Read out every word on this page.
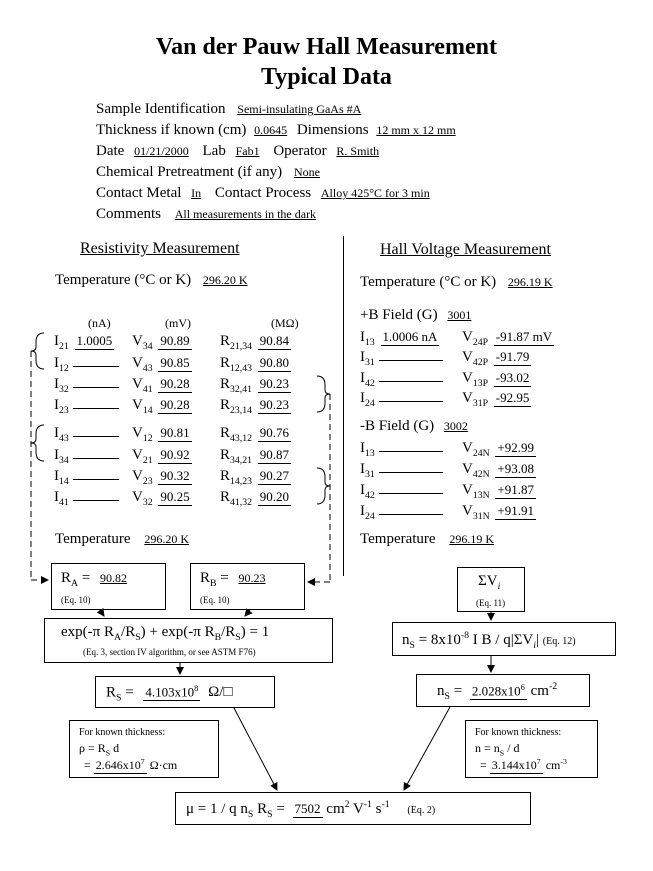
Van der Pauw Hall Measurement
Typical Data
Sample Identification Semi-insulating GaAs #A
Thickness if known (cm) 0.0645 Dimensions 12 mm x 12 mm
Date 01/21/2000 Lab Fab1 Operator R. Smith
Chemical Pretreatment (if any) None
Contact Metal In Contact Process Alloy 425°C for 3 min
Comments All measurements in the dark
Resistivity Measurement
Temperature (°C or K) 296.20 K
(nA)	(mV)	(MΩ)
$I_{21}$ 1.0005 $V_{34}$ 90.89 $R_{21,34}$ 90.84
$I_{12}$	$V_{43}$ 90.85 $R_{12,43}$ 90.80
$I_{32}$	$V_{41}$ 90.28 $R_{32,41}$ 90.23
$I_{23}$	$V_{14}$ 90.28 $R_{23,14}$ 90.23
$I_{43}$	$V_{12}$ 90.81 $R_{43,12}$ 90.76
$I_{34}$	$V_{21}$ 90.92 $R_{34,21}$ 90.87
$I_{14}$	$V_{23}$ 90.32 $R_{14,23}$ 90.27
$I_{41}$	$V_{32}$ 90.25 $R_{41,32}$ 90.20
Temperature 296.20 K
$R_A = 90.82$
(Eq. 10)
$R_B = 90.23$
(Eq. 10)
exp(-π $R_A/R_S) + \exp(-\pi$ $R_B/R_S) = 1$
(Eq. 3, section IV algorithm, or see ASTM F76)
$R_S = 4.103x10^8$ Ω/□
For known thickness:
$\rho = R_S$ d
= $2.646x10^7$ Ω·cm
Hall Voltage Measurement
Temperature (°C or K) 296.19 K
+B Field (G) 3001
$I_{13}$ 1.0006 nA $V_{24P}$ -91.87 mV
$I_{31}$	$V_{42P}$ -91.79
$I_{42}$	$V_{13P}$ -93.02
$I_{24}$	$V_{31P}$ -92.95
-B Field (G) 3002
$I_{13}$	$V_{24N} +92.99$
$I_{31}$	$V_{42N} +93.08$
$I_{42}$	$V_{13N} +91.87$
$I_{24}$	$V_{31N} +91.91$
Temperature 296.19 K
$\Sigma V_i$
(Eq. 11)
$n_S = 8x10^{-8}$ I B / $q|\Sigma V_i|$ (Eq. 12)
$n_S = 2.028x10^6$ $cm^{-2}$
For known thickness:
$n = n_S / d$
= $3.144x10^7$ $cm^{-3}$
μ = 1 / q $n_S$ $R_S = 7502$ $cm^2$ $V^{-1}$ $s^{-1}$ (Eq. 2)
